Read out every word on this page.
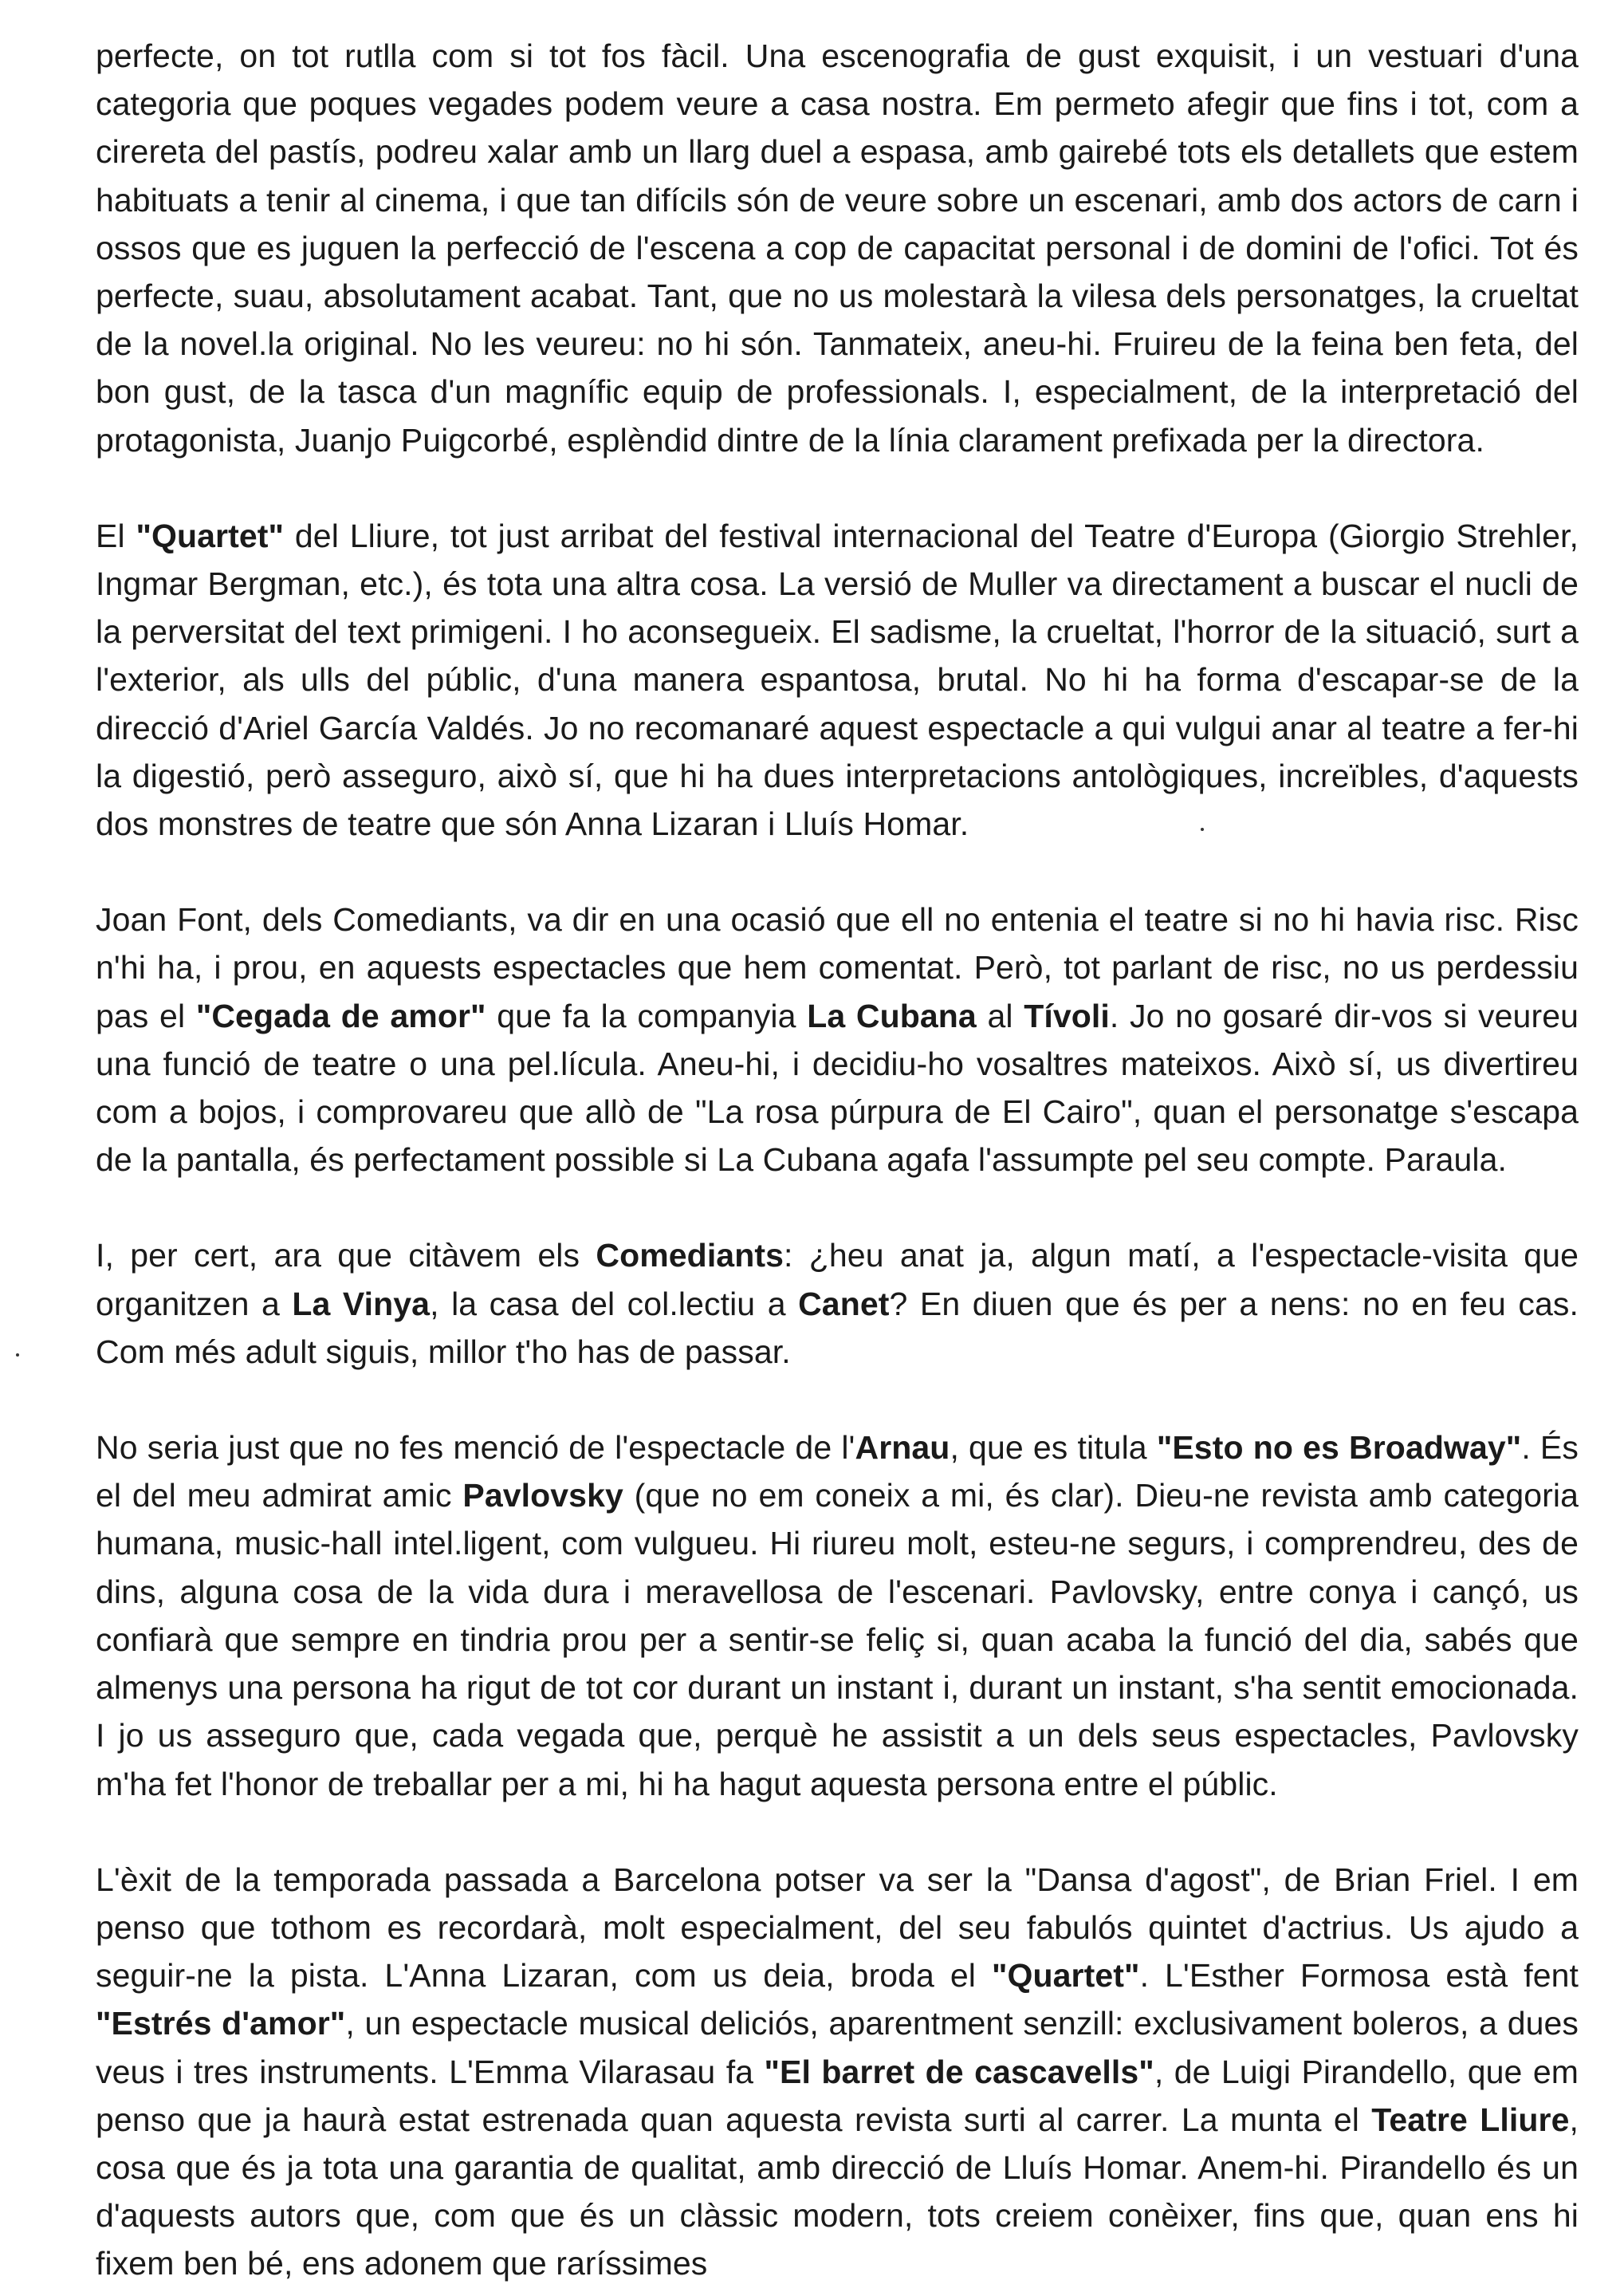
perfecte, on tot rutlla com si tot fos fàcil. Una escenografia de gust exquisit, i un vestuari d'una categoria que poques vegades podem veure a casa nostra. Em permeto afegir que fins i tot, com a cirereta del pastís, podreu xalar amb un llarg duel a espasa, amb gairebé tots els detallets que estem habituats a tenir al cinema, i que tan difícils són de veure sobre un escenari, amb dos actors de carn i ossos que es juguen la perfecció de l'escena a cop de capacitat personal i de domini de l'ofici. Tot és perfecte, suau, absolutament acabat. Tant, que no us molestarà la vilesa dels personatges, la crueltat de la novel.la original. No les veureu: no hi són. Tanmateix, aneu-hi. Fruireu de la feina ben feta, del bon gust, de la tasca d'un magnífic equip de professionals. I, especialment, de la interpretació del protagonista, Juanjo Puigcorbé, esplèndid dintre de la línia clarament prefixada per la directora.

El "Quartet" del Lliure, tot just arribat del festival internacional del Teatre d'Europa (Giorgio Strehler, Ingmar Bergman, etc.), és tota una altra cosa. La versió de Muller va directament a buscar el nucli de la perversitat del text primigeni. I ho aconsegueix. El sadisme, la crueltat, l'horror de la situació, surt a l'exterior, als ulls del públic, d'una manera espantosa, brutal. No hi ha forma d'escapar-se de la direcció d'Ariel García Valdés. Jo no recomanaré aquest espectacle a qui vulgui anar al teatre a fer-hi la digestió, però asseguro, això sí, que hi ha dues interpretacions antològiques, increïbles, d'aquests dos monstres de teatre que són Anna Lizaran i Lluís Homar.

Joan Font, dels Comediants, va dir en una ocasió que ell no entenia el teatre si no hi havia risc. Risc n'hi ha, i prou, en aquests espectacles que hem comentat. Però, tot parlant de risc, no us perdessiu pas el "Cegada de amor" que fa la companyia La Cubana al Tívoli. Jo no gosaré dir-vos si veureu una funció de teatre o una pel.lícula. Aneu-hi, i decidiu-ho vosaltres mateixos. Això sí, us divertireu com a bojos, i comprovareu que allò de "La rosa púrpura de El Cairo", quan el personatge s'escapa de la pantalla, és perfectament possible si La Cubana agafa l'assumpte pel seu compte. Paraula.

I, per cert, ara que citàvem els Comediants: ¿heu anat ja, algun matí, a l'espectacle-visita que organitzen a La Vinya, la casa del col.lectiu a Canet? En diuen que és per a nens: no en feu cas. Com més adult siguis, millor t'ho has de passar.

No seria just que no fes menció de l'espectacle de l'Arnau, que es titula "Esto no es Broadway". És el del meu admirat amic Pavlovsky (que no em coneix a mi, és clar). Dieu-ne revista amb categoria humana, music-hall intel.ligent, com vulgueu. Hi riureu molt, esteu-ne segurs, i comprendreu, des de dins, alguna cosa de la vida dura i meravellosa de l'escenari. Pavlovsky, entre conya i cançó, us confiarà que sempre en tindria prou per a sentir-se feliç si, quan acaba la funció del dia, sabés que almenys una persona ha rigut de tot cor durant un instant i, durant un instant, s'ha sentit emocionada. I jo us asseguro que, cada vegada que, perquè he assistit a un dels seus espectacles, Pavlovsky m'ha fet l'honor de treballar per a mi, hi ha hagut aquesta persona entre el públic.

L'èxit de la temporada passada a Barcelona potser va ser la "Dansa d'agost", de Brian Friel. I em penso que tothom es recordarà, molt especialment, del seu fabulós quintet d'actrius. Us ajudo a seguir-ne la pista. L'Anna Lizaran, com us deia, broda el "Quartet". L'Esther Formosa està fent "Estrés d'amor", un espectacle musical deliciós, aparentment senzill: exclusivament boleros, a dues veus i tres instruments. L'Emma Vilarasau fa "El barret de cascavells", de Luigi Pirandello, que em penso que ja haurà estat estrenada quan aquesta revista surti al carrer. La munta el Teatre Lliure, cosa que és ja tota una garantia de qualitat, amb direcció de Lluís Homar. Anem-hi. Pirandello és un d'aquests autors que, com que és un clàssic modern, tots creiem conèixer, fins que, quan ens hi fixem ben bé, ens adonem que raríssimes
